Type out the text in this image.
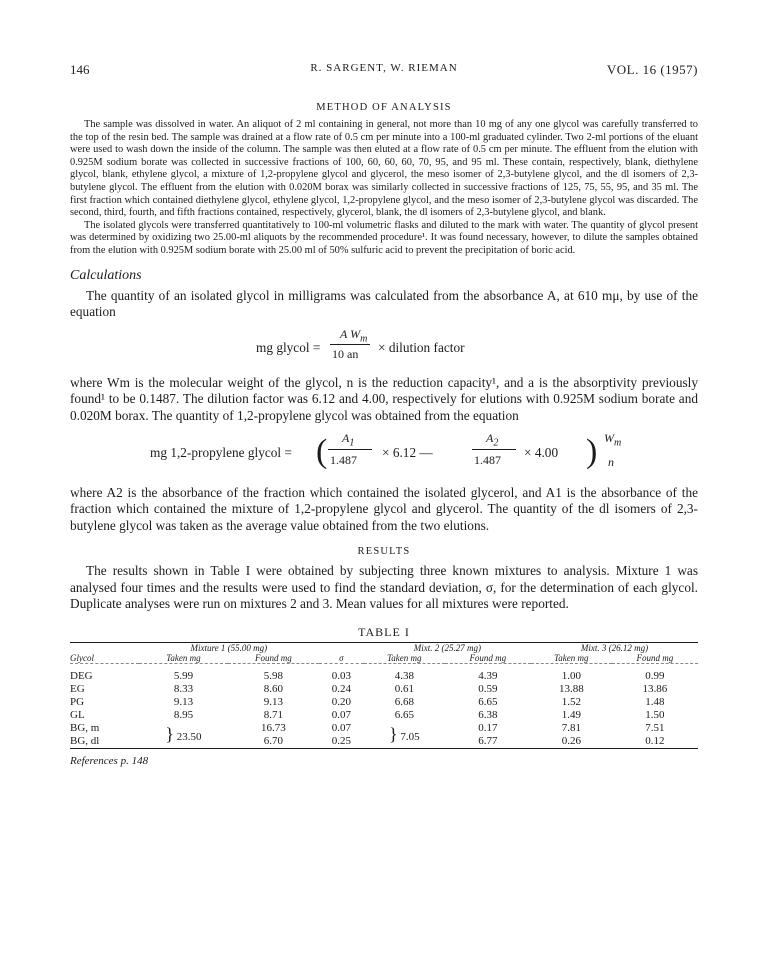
146	R. SARGENT, W. RIEMAN	VOL. 16 (1957)
METHOD OF ANALYSIS

The sample was dissolved in water. An aliquot of 2 ml containing in general, not more than 10 mg of any one glycol was carefully transferred to the top of the resin bed. The sample was drained at a flow rate of 0.5 cm per minute into a 100-ml graduated cylinder. Two 2-ml portions of the eluant were used to wash down the inside of the column. The sample was then eluted at a flow rate of 0.5 cm per minute. The effluent from the elution with 0.925M sodium borate was collected in successive fractions of 100, 60, 60, 60, 70, 95, and 95 ml. These contain, respectively, blank, diethylene glycol, blank, ethylene glycol, a mixture of 1,2-propylene glycol and glycerol, the meso isomer of 2,3-butylene glycol, and the dl isomers of 2,3-butylene glycol. The effluent from the elution with 0.020M borax was similarly collected in successive fractions of 125, 75, 55, 95, and 35 ml. The first fraction which contained diethylene glycol, ethylene glycol, 1,2-propylene glycol, and the meso isomer of 2,3-butylene glycol was discarded. The second, third, fourth, and fifth fractions contained, respectively, glycerol, blank, the dl isomers of 2,3-butylene glycol, and blank.

The isolated glycols were transferred quantitatively to 100-ml volumetric flasks and diluted to the mark with water. The quantity of glycol present was determined by oxidizing two 25.00-ml aliquots by the recommended procedure¹. It was found necessary, however, to dilute the samples obtained from the elution with 0.925M sodium borate with 25.00 ml of 50% sulfuric acid to prevent the precipitation of boric acid.

Calculations

The quantity of an isolated glycol in milligrams was calculated from the absorbance A, at 610 mμ, by use of the equation

mg glycol =
A $W_m$
10 an × dilution factor

where Wm is the molecular weight of the glycol, n is the reduction capacity¹, and a is the absorptivity previously found¹ to be 0.1487. The dilution factor was 6.12 and 4.00, respectively for elutions with 0.925M sodium borate and 0.020M borax. The quantity of 1,2-propylene glycol was obtained from the equation

mg 1,2-propylene glycol = ( $A_1$
1.487 × 6.12 —
$A_2$
1.487 × 4.00 ) $W_m$
n

where A2 is the absorbance of the fraction which contained the isolated glycerol, and A1 is the absorbance of the fraction which contained the mixture of 1,2-propylene glycol and glycerol. The quantity of the dl isomers of 2,3-butylene glycol was taken as the average value obtained from the two elutions.

RESULTS

The results shown in Table I were obtained by subjecting three known mixtures to analysis. Mixture 1 was analysed four times and the results were used to find the standard deviation, σ, for the determination of each glycol. Duplicate analyses were run on mixtures 2 and 3. Mean values for all mixtures were reported.

TABLE I
	Mixture 1 (55.00 mg)			Mixt. 2 (25.27 mg)		Mixt. 3 (26.12 mg)	
Glycol	Taken mg	Found mg	σ	Taken mg	Found mg	Taken mg	Found mg
DEG	5.99	5.98	0.03	4.38	4.39	1.00	0.99
EG	8.33	8.60	0.24	0.61	0.59	13.88	13.86
PG	9.13	9.13	0.20	6.68	6.65	1.52	1.48
GL	8.95	8.71	0.07	6.65	6.38	1.49	1.50
BG, m	} 23.50	16.73	0.07	} 7.05	0.17	7.81	7.51
BG, dl		6.70	0.25		6.77	0.26	0.12
References p. 148
